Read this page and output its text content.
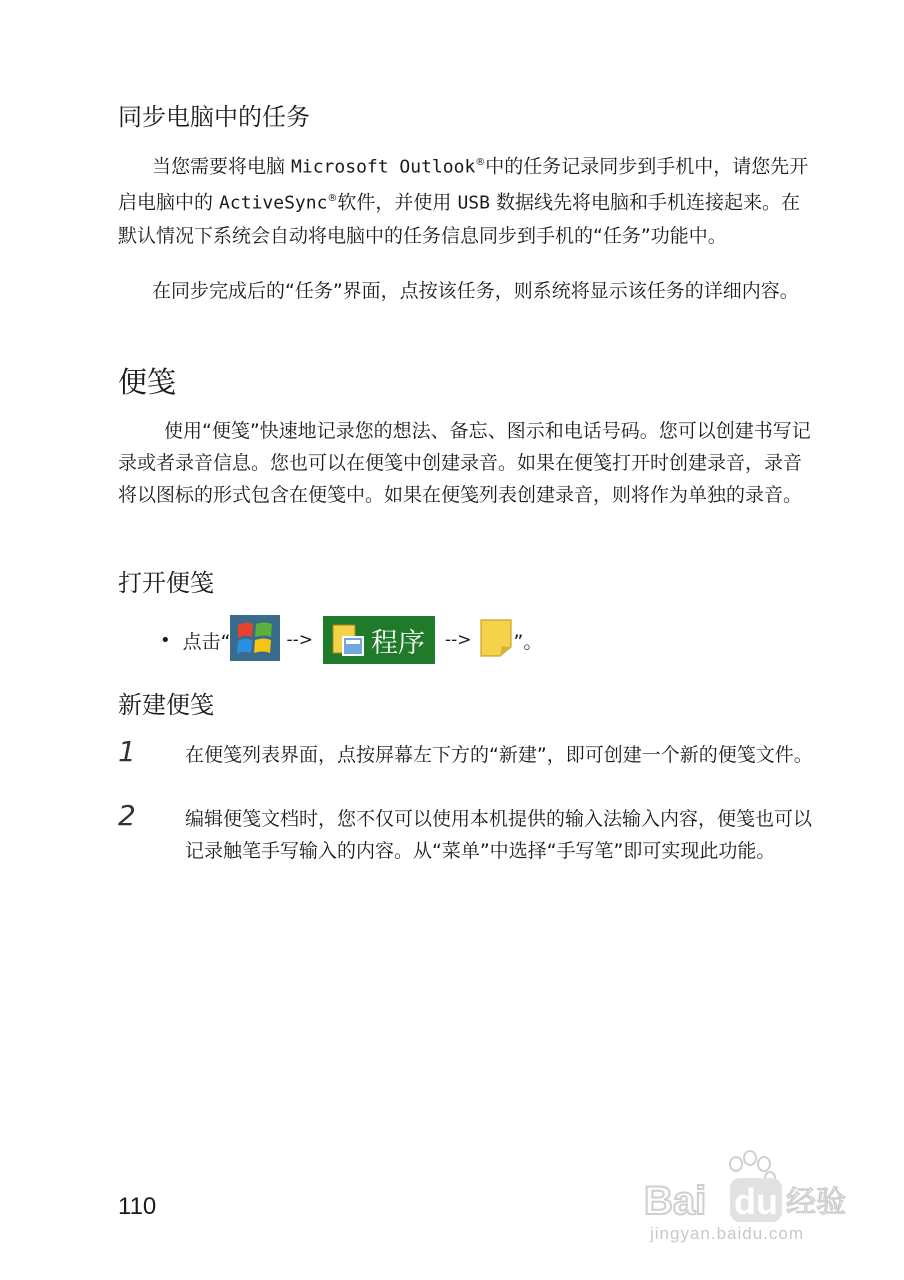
同步电脑中的任务

当您需要将电脑 Microsoft Outlook®中的任务记录同步到手机中，请您先开启电脑中的 ActiveSync®软件，并使用 USB 数据线先将电脑和手机连接起来。在默认情况下系统会自动将电脑中的任务信息同步到手机的“任务”功能中。

在同步完成后的“任务”界面，点按该任务，则系统将显示该任务的详细内容。

便笺

使用“便笺”快速地记录您的想法、备忘、图示和电话号码。您可以创建书写记录或者录音信息。您也可以在便笺中创建录音。如果在便笺打开时创建录音，录音将以图标的形式包含在便笺中。如果在便笺列表创建录音，则将作为单独的录音。

打开便笺
• 点击“	--> 程序 --> ”。
新建便笺
1	在便笺列表界面，点按屏幕左下方的“新建”，即可创建一个新的便笺文件。
2	编辑便笺文档时，您不仅可以使用本机提供的输入法输入内容，便笺也可以记录触笔手写输入的内容。从“菜单”中选择“手写笔”即可实现此功能。
110	Bai du 经验
jingyan.baidu.com
